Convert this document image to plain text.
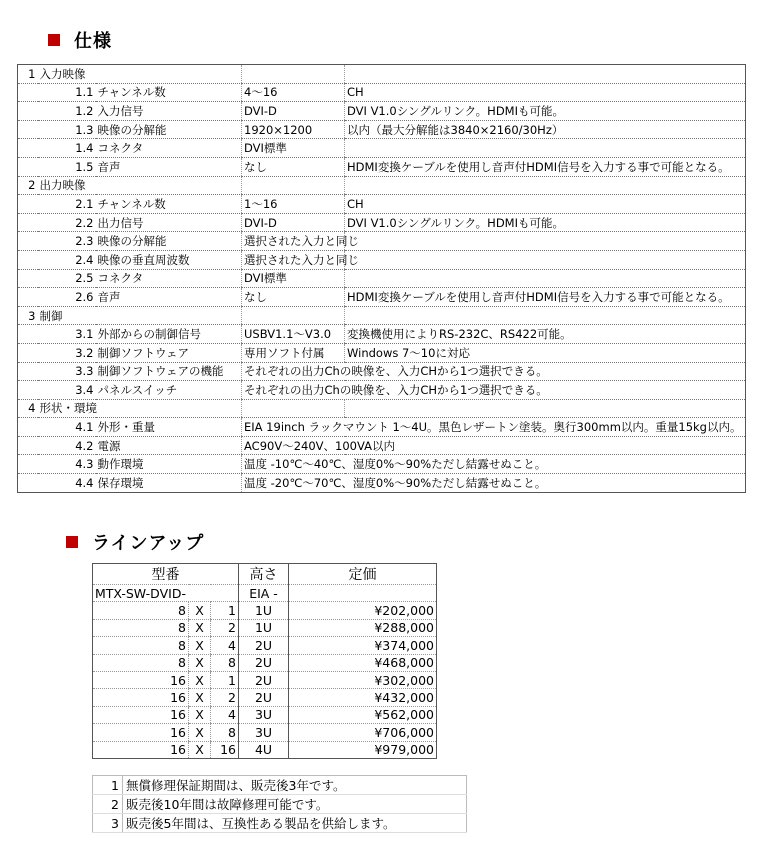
仕様
1	入力映像			
	1.1	チャンネル数	4～16	CH
	1.2	入力信号	DVI-D	DVI V1.0シングルリンク。HDMIも可能。
	1.3	映像の分解能	1920×1200	以内（最大分解能は3840×2160/30Hz）
	1.4	コネクタ	DVI標準	
	1.5	音声	なし	HDMI変換ケーブルを使用し音声付HDMI信号を入力する事で可能となる。
2	出力映像			
	2.1	チャンネル数	1～16	CH
	2.2	出力信号	DVI-D	DVI V1.0シングルリンク。HDMIも可能。
	2.3	映像の分解能	選択された入力と同じ	
	2.4	映像の垂直周波数	選択された入力と同じ	
	2.5	コネクタ	DVI標準	
	2.6	音声	なし	HDMI変換ケーブルを使用し音声付HDMI信号を入力する事で可能となる。
3	制御			
	3.1	外部からの制御信号	USBV1.1～V3.0	変換機使用によりRS-232C、RS422可能。
	3.2	制御ソフトウェア	専用ソフト付属	Windows 7～10に対応
	3.3	制御ソフトウェアの機能	それぞれの出力Chの映像を、入力CHから1つ選択できる。	
	3.4	パネルスイッチ	それぞれの出力Chの映像を、入力CHから1つ選択できる。	
4	形状・環境			
	4.1	外形・重量	EIA 19inch ラックマウント 1～4U。黒色レザートン塗装。奥行300mm以内。重量15kg以内。	
	4.2	電源	AC90V～240V、100VA以内	
	4.3	動作環境	温度 -10℃～40℃、湿度0%～90%ただし結露せぬこと。	
	4.4	保存環境	温度 -20℃～70℃、湿度0%～90%ただし結露せぬこと。	
ラインアップ
型番			高さ	定価
MTX-SW-DVID-			EIA -	
8	X	1	1U	¥202,000
8	X	2	1U	¥288,000
8	X	4	2U	¥374,000
8	X	8	2U	¥468,000
16	X	1	2U	¥302,000
16	X	2	2U	¥432,000
16	X	4	3U	¥562,000
16	X	8	3U	¥706,000
16	X	16	4U	¥979,000
1	無償修理保証期間は、販売後3年です。
2	販売後10年間は故障修理可能です。
3	販売後5年間は、互換性ある製品を供給します。
